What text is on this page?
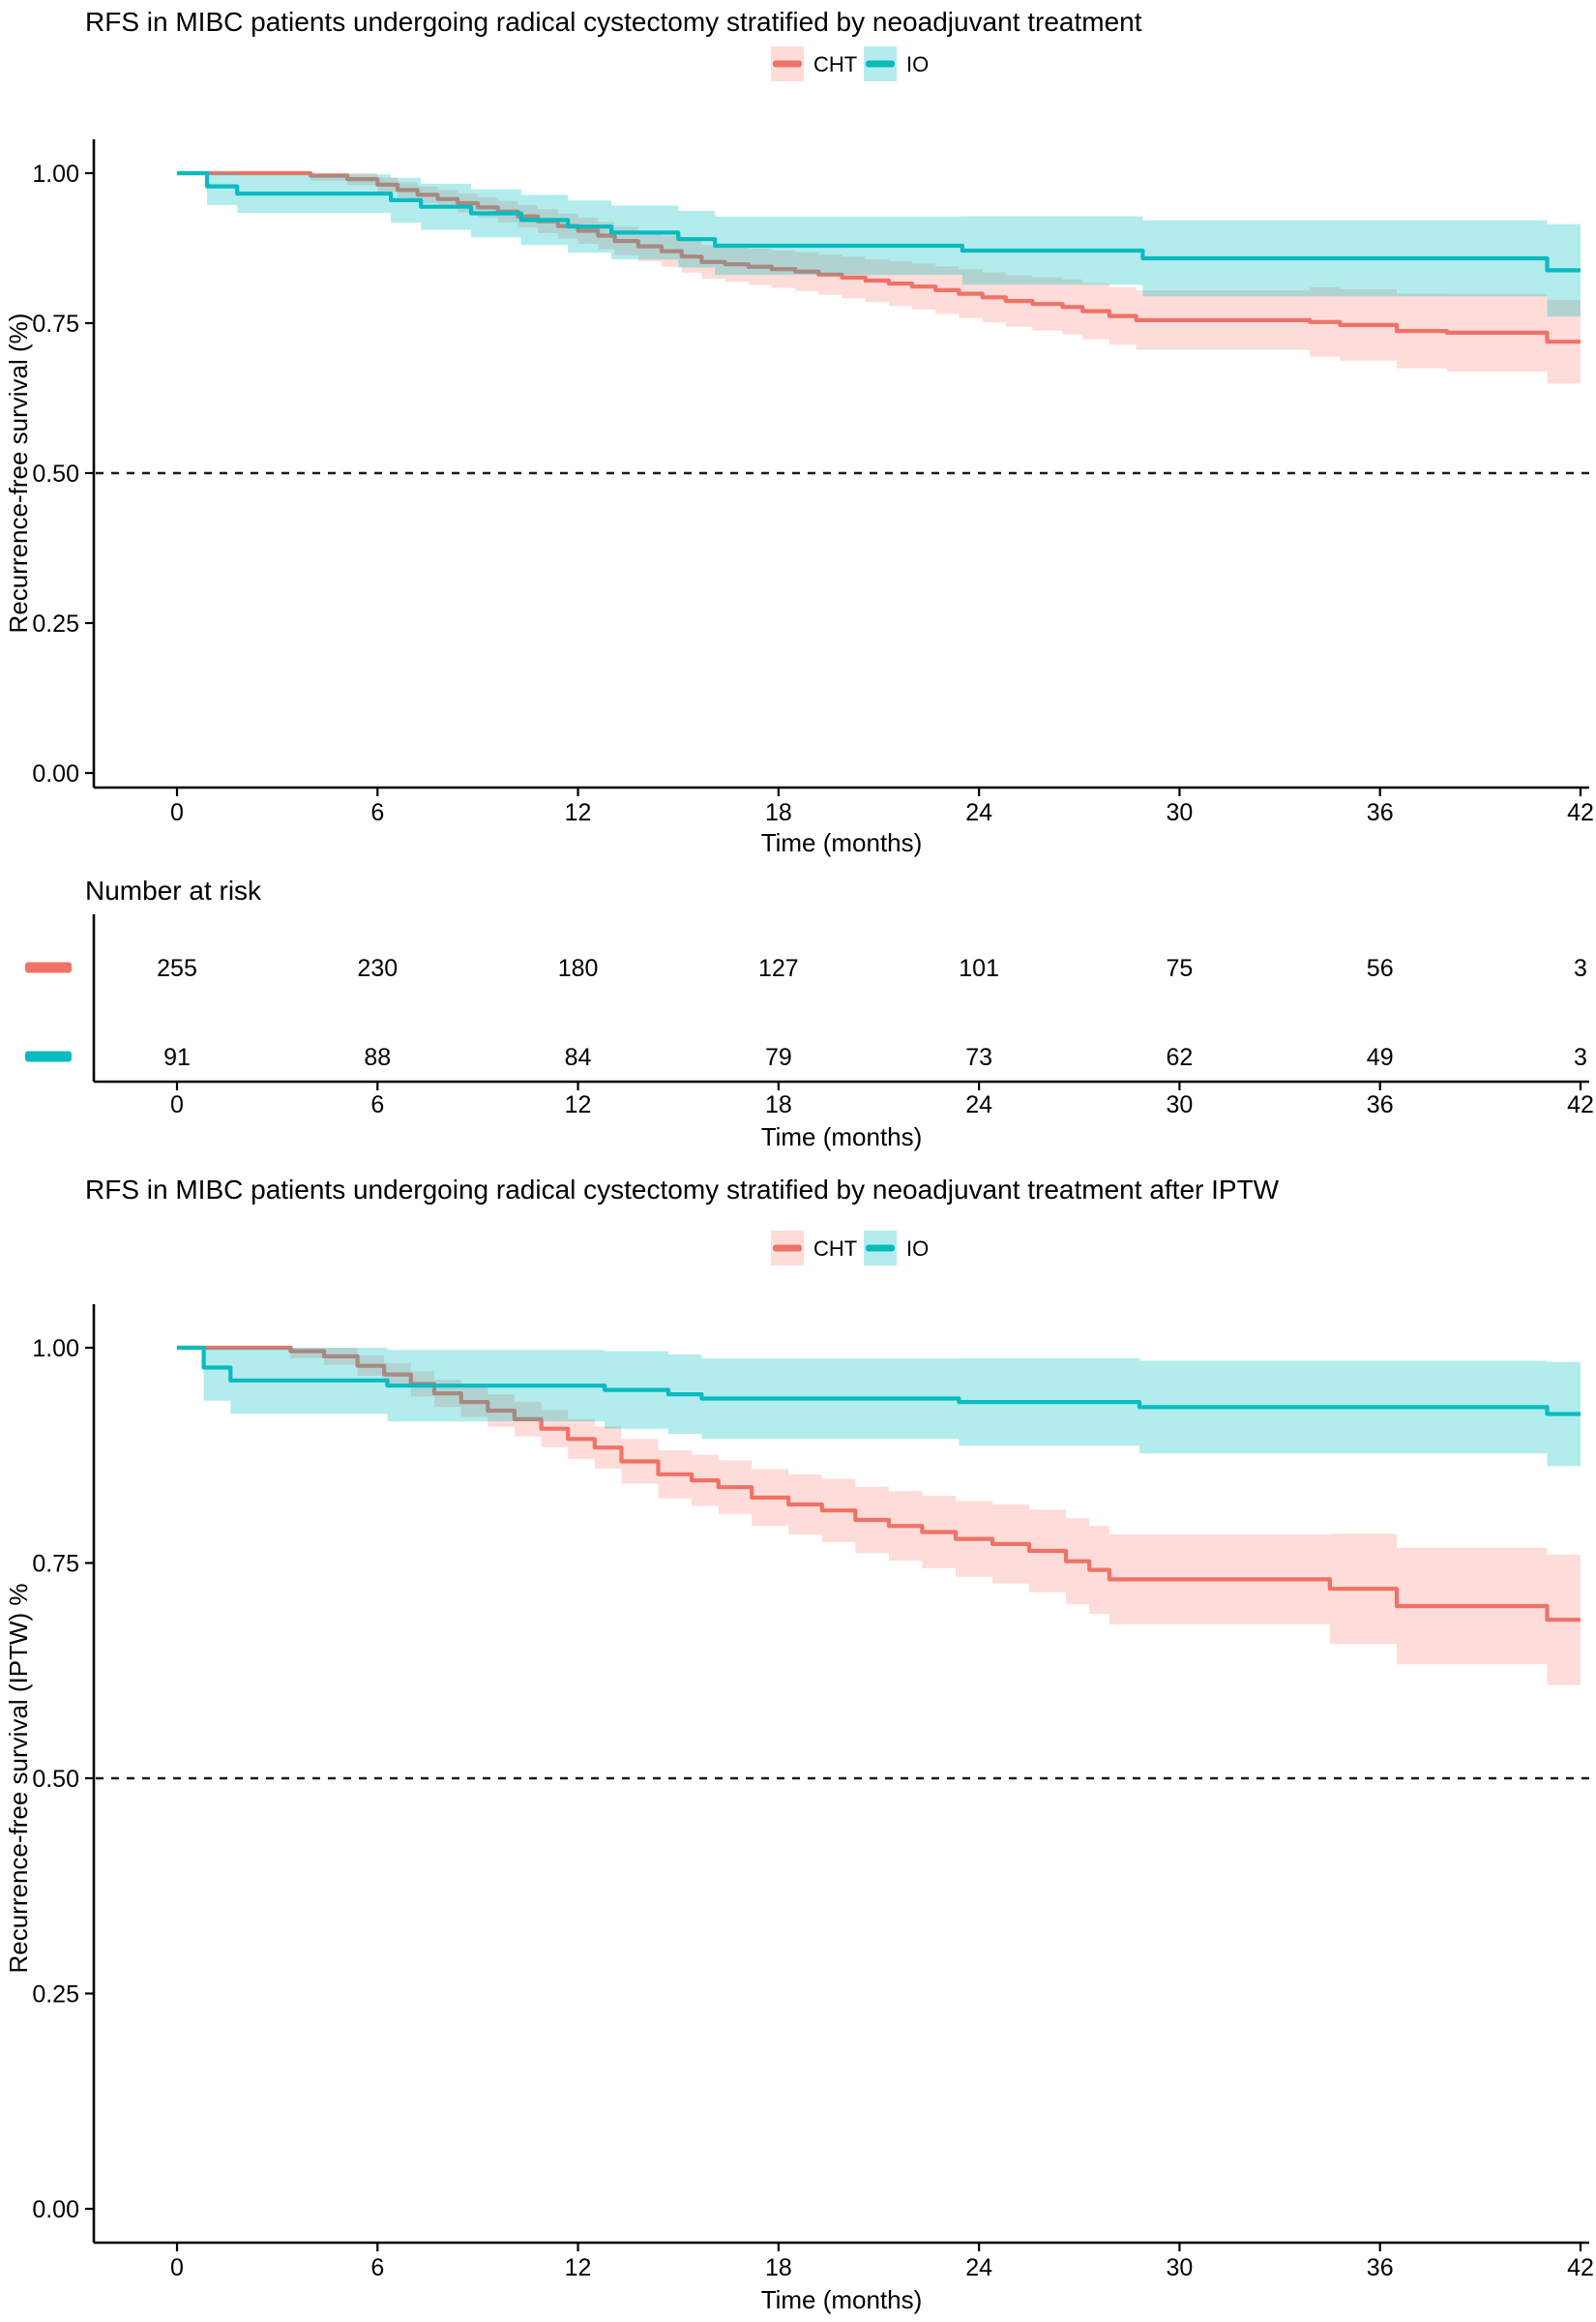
RFS in MIBC patients undergoing radical cystectomy stratified by neoadjuvant treatment
CHT IO
1.00
0.75
0.50
0.25
0.00
0	6	12	18	24	30	36	42
Time (months)
Recurrence-free survival (%)
Number at risk
255	230	180	127	101	75	56	3
91	88	84	79	73	62	49	3
0	6	12	18	24	30	36	42
Time (months)
RFS in MIBC patients undergoing radical cystectomy stratified by neoadjuvant treatment after IPTW
CHT IO
1.00
0.75
0.50
0.25
0.00
0	6	12	18	24	30	36	42
Time (months)
Recurrence-free survival (IPTW) %
